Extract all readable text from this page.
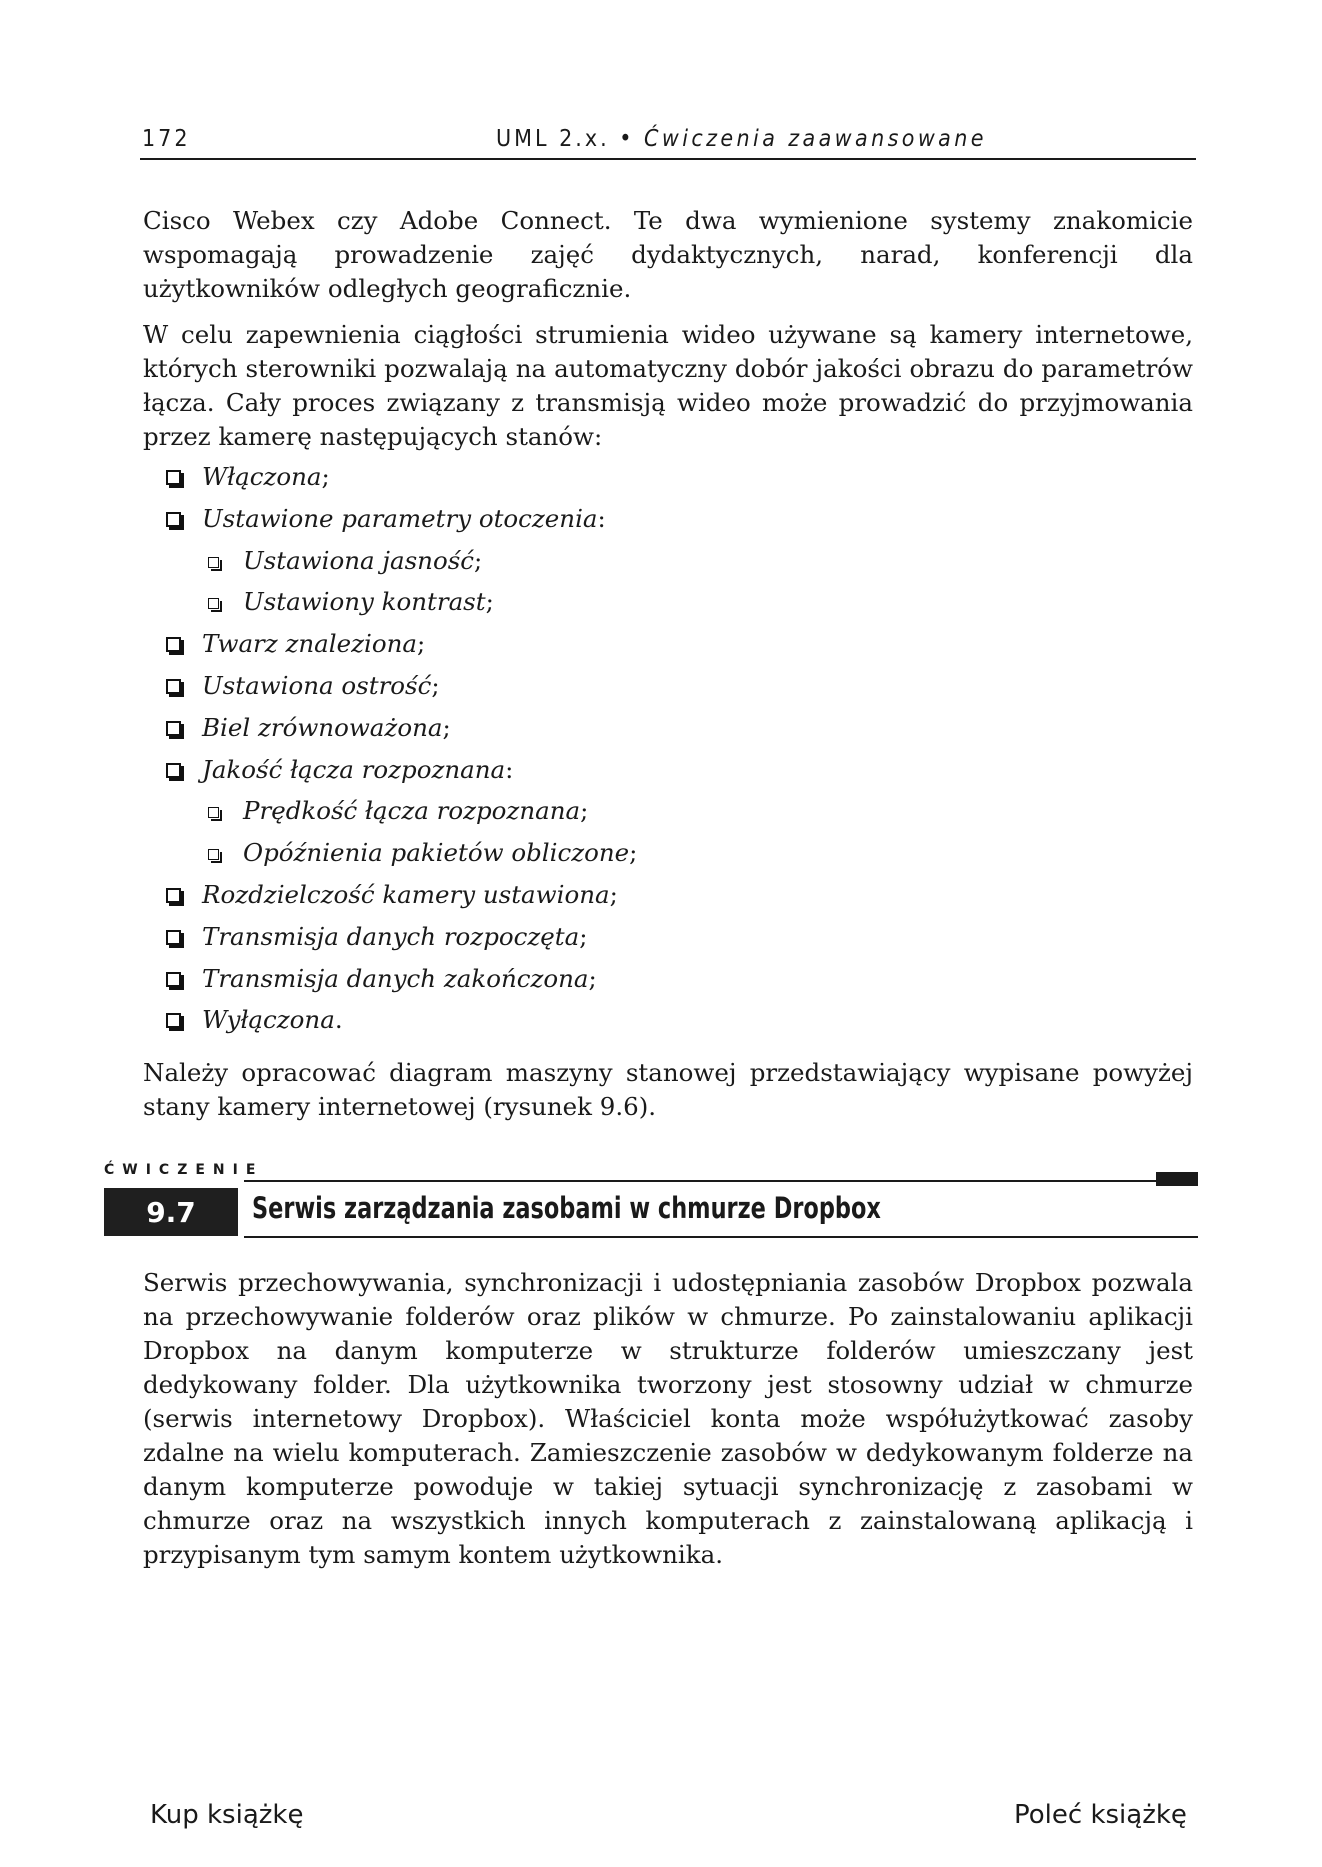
172	UML 2.x. • Ćwiczenia zaawansowane

Cisco Webex czy Adobe Connect. Te dwa wymienione systemy znakomicie wspomagają prowadzenie zajęć dydaktycznych, narad, konferencji dla użytkowników odległych geograficznie.

W celu zapewnienia ciągłości strumienia wideo używane są kamery internetowe, których sterowniki pozwalają na automatyczny dobór jakości obrazu do parametrów łącza. Cały proces związany z transmisją wideo może prowadzić do przyjmowania przez kamerę następujących stanów:

Włączona;
Ustawione parametry otoczenia:
Ustawiona jasność;
Ustawiony kontrast;
Twarz znaleziona;
Ustawiona ostrość;
Biel zrównoważona;
Jakość łącza rozpoznana:
Prędkość łącza rozpoznana;
Opóźnienia pakietów obliczone;
Rozdzielczość kamery ustawiona;
Transmisja danych rozpoczęta;
Transmisja danych zakończona;
Wyłączona.

Należy opracować diagram maszyny stanowej przedstawiający wypisane powyżej stany kamery internetowej (rysunek 9.6).

ĆWICZENIE
9.7	Serwis zarządzania zasobami w chmurze Dropbox

Serwis przechowywania, synchronizacji i udostępniania zasobów Dropbox pozwala na przechowywanie folderów oraz plików w chmurze. Po zainstalowaniu aplikacji Dropbox na danym komputerze w strukturze folderów umieszczany jest dedykowany folder. Dla użytkownika tworzony jest stosowny udział w chmurze (serwis internetowy Dropbox). Właściciel konta może współużytkować zasoby zdalne na wielu komputerach. Zamieszczenie zasobów w dedykowanym folderze na danym komputerze powoduje w takiej sytuacji synchronizację z zasobami w chmurze oraz na wszystkich innych komputerach z zainstalowaną aplikacją i przypisanym tym samym kontem użytkownika.

Kup książkę	Poleć książkę
